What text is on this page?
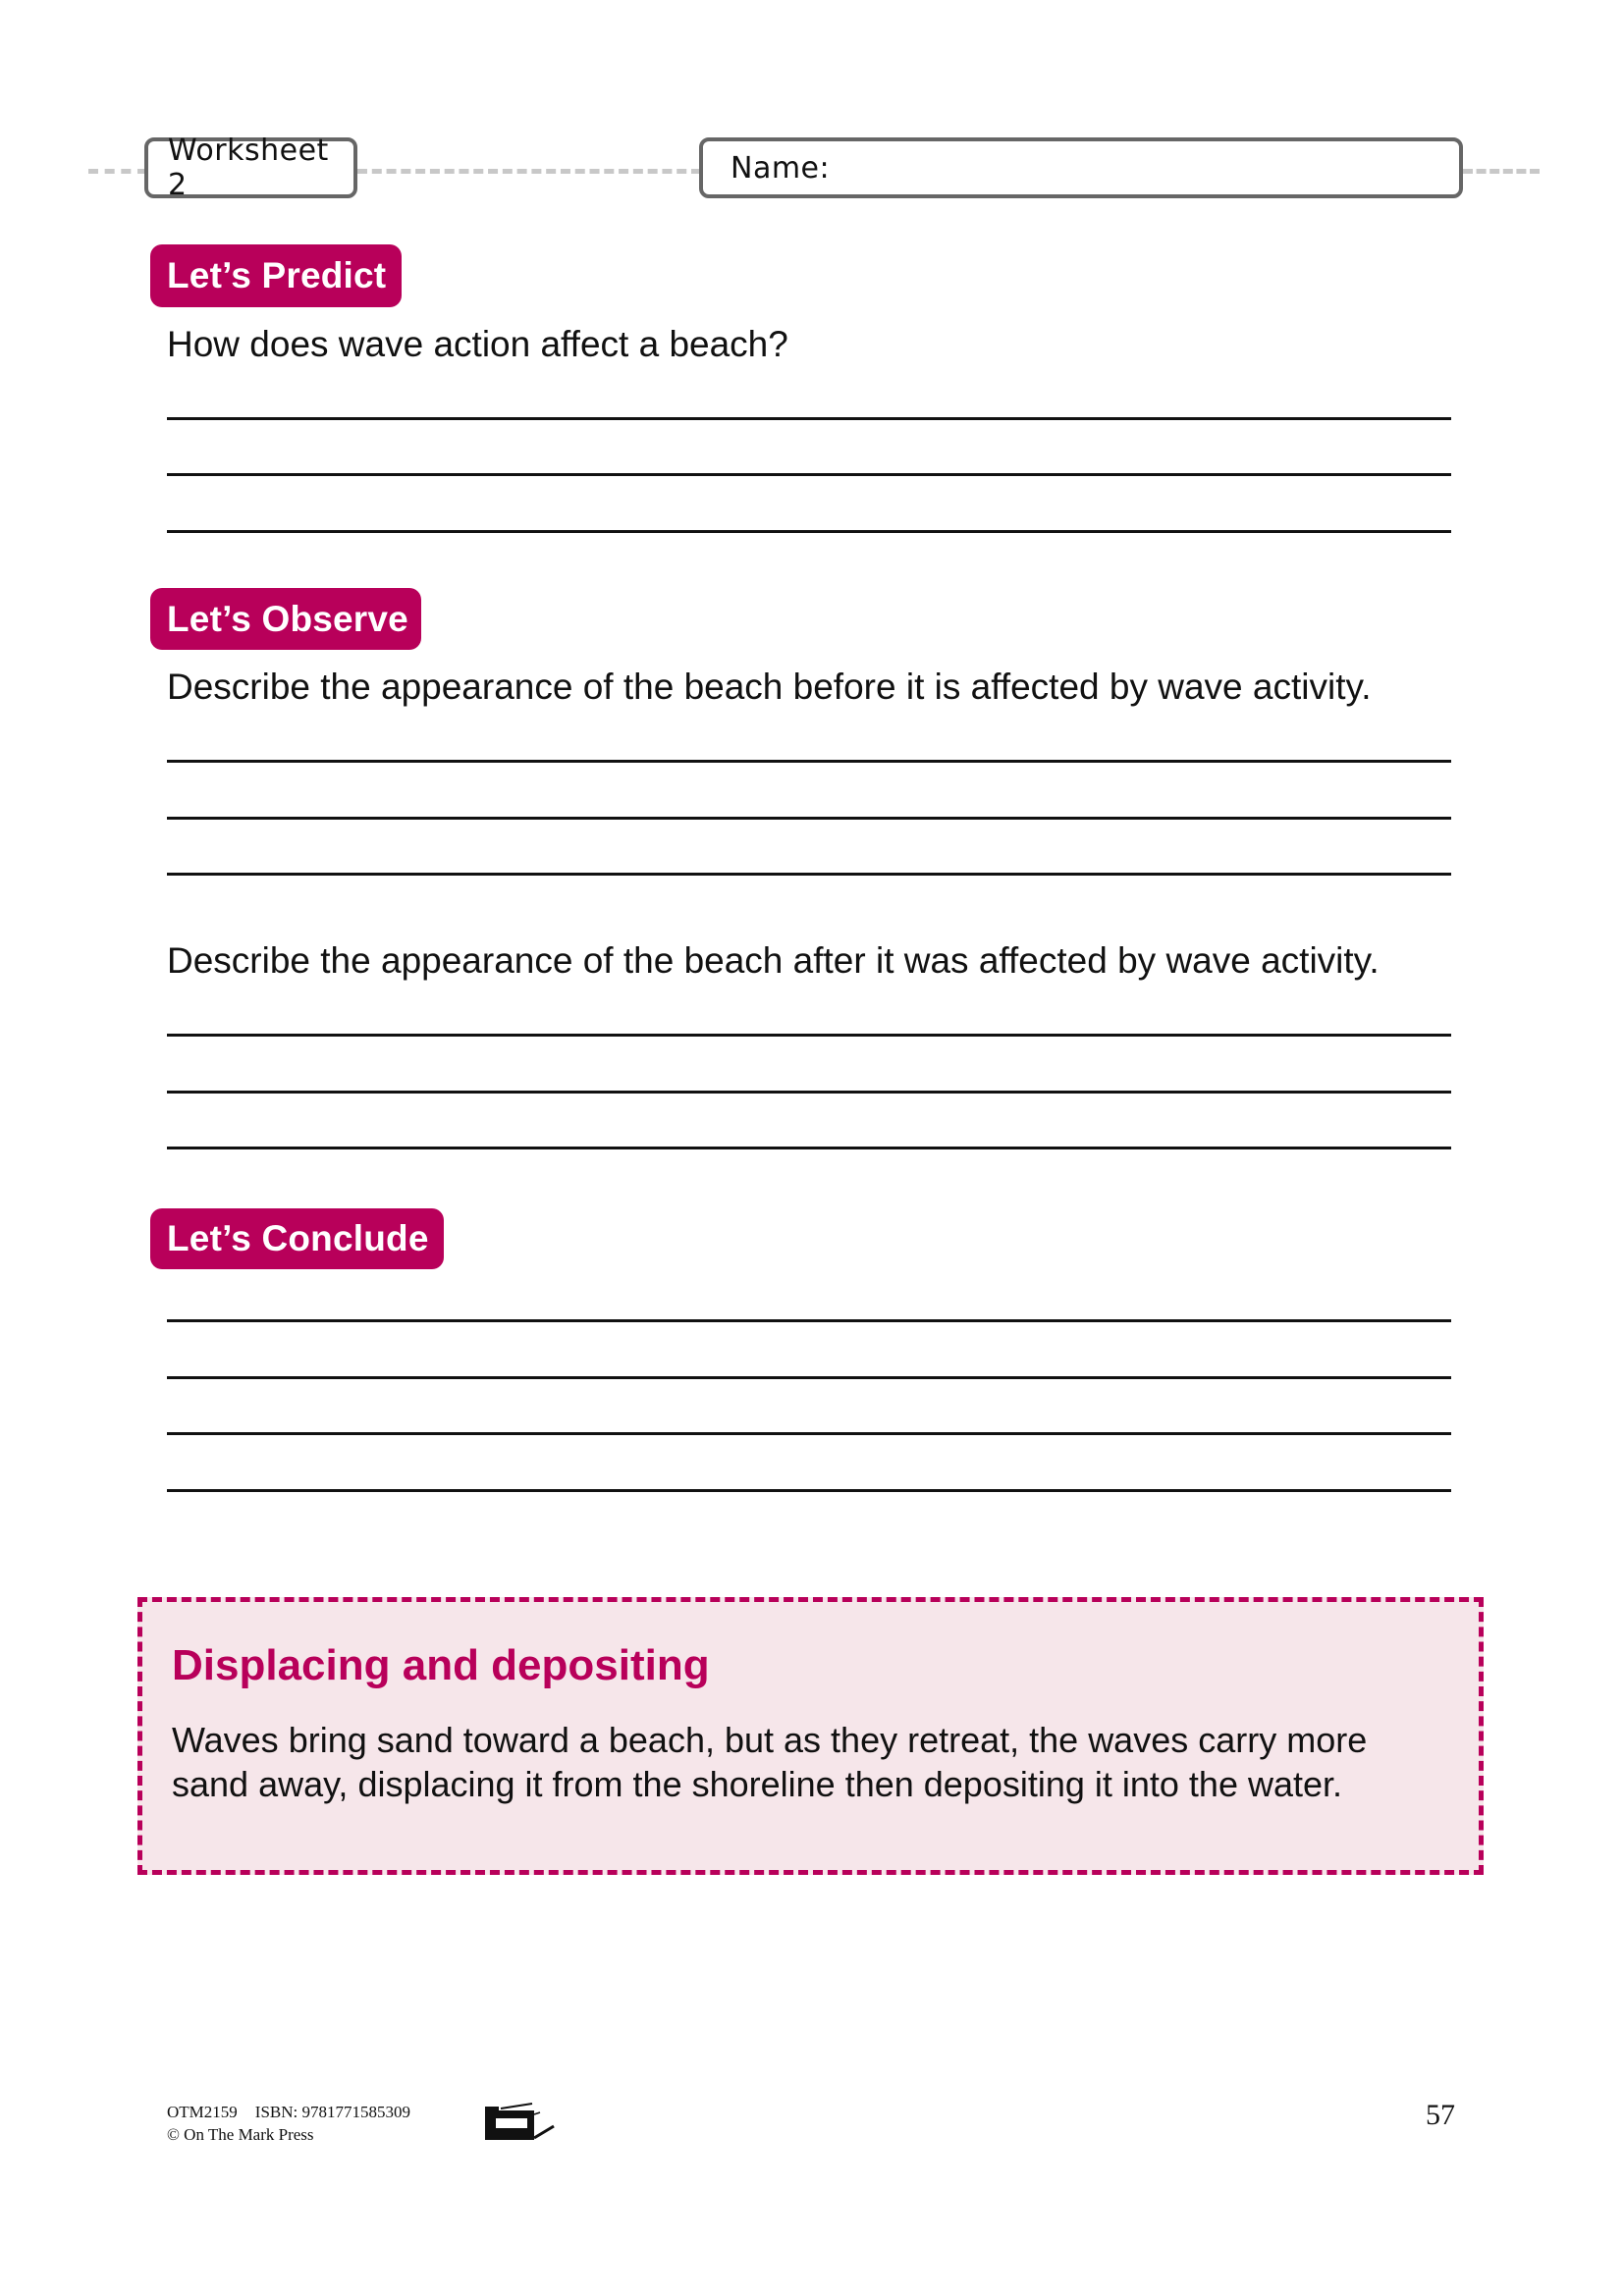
Worksheet 2	Name:
Let’s Predict
How does wave action affect a beach?
Let’s Observe
Describe the appearance of the beach before it is affected by wave activity.
Describe the appearance of the beach after it was affected by wave activity.
Let’s Conclude
Displacing and depositing
Waves bring sand toward a beach, but as they retreat, the waves carry more sand away, displacing it from the shoreline then depositing it into the water.
OTM2159 ISBN: 9781771585309
© On The Mark Press
57
